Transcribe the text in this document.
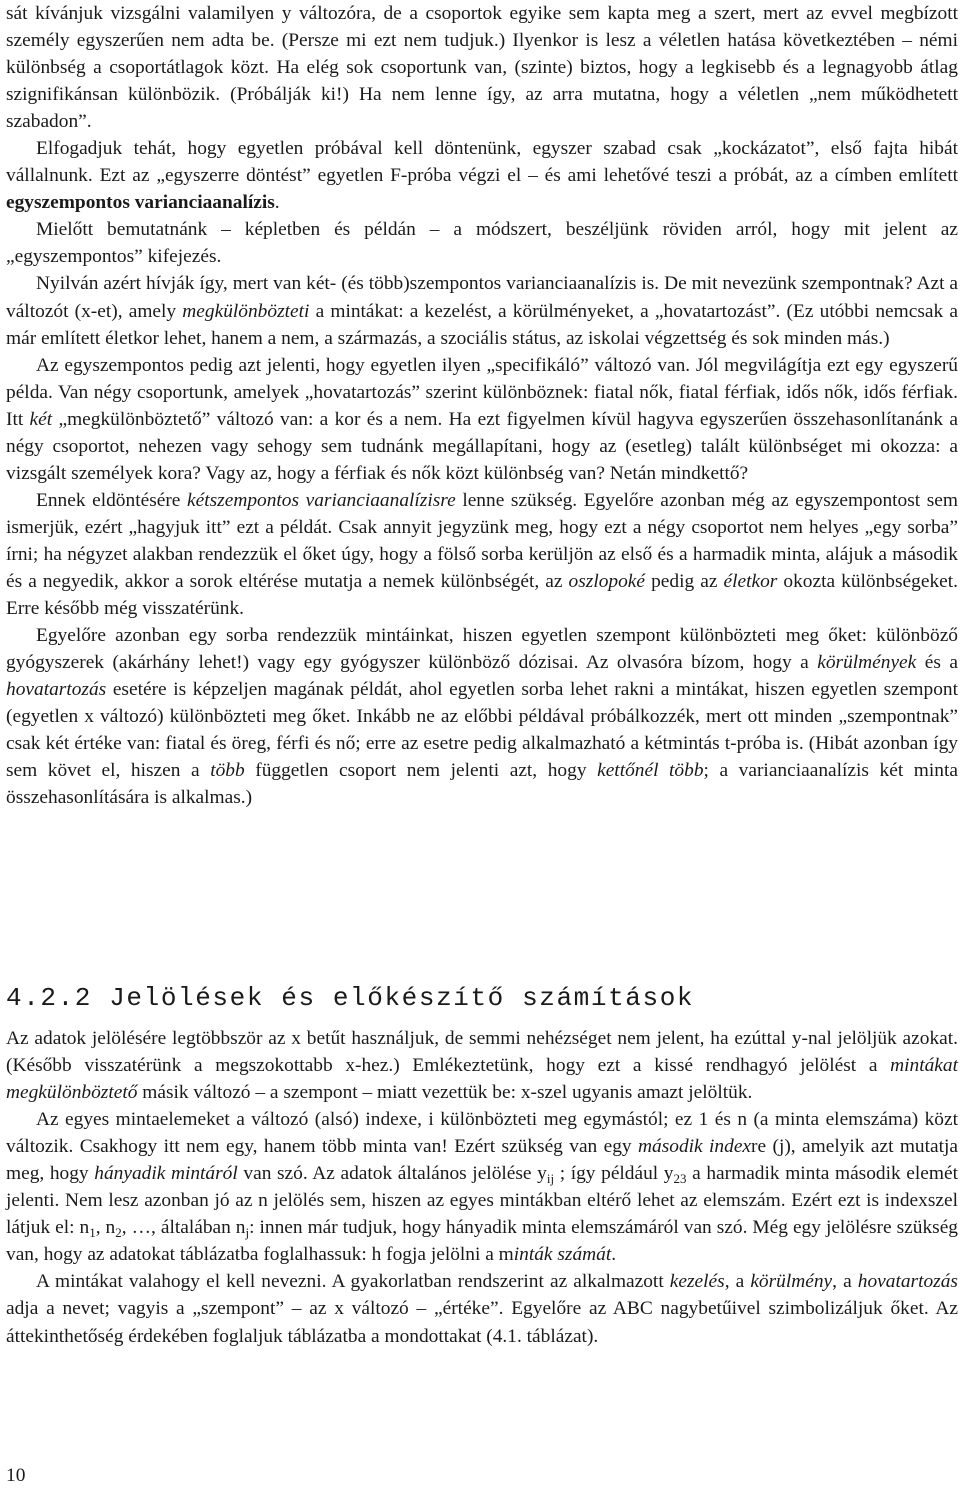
sát kívánjuk vizsgálni valamilyen y változóra, de a csoportok egyike sem kapta meg a szert, mert az evvel megbízott személy egyszerűen nem adta be. (Persze mi ezt nem tudjuk.) Ilyenkor is lesz a véletlen hatása következtében ‒ némi különbség a csoportátlagok közt. Ha elég sok csoportunk van, (szinte) biztos, hogy a legkisebb és a legnagyobb átlag szignifikánsan különbözik. (Próbálják ki!) Ha nem lenne így, az arra mutatna, hogy a véletlen „nem működhetett szabadon”.

Elfogadjuk tehát, hogy egyetlen próbával kell döntenünk, egyszer szabad csak „kockázatot”, első fajta hibát vállalnunk. Ezt az „egyszerre döntést” egyetlen F-próba végzi el ‒ és ami lehetővé teszi a próbát, az a címben említett egyszempontos varianciaanalízis.

Mielőtt bemutatnánk ‒ képletben és példán ‒ a módszert, beszéljünk röviden arról, hogy mit jelent az „egyszempontos” kifejezés.

Nyilván azért hívják így, mert van két- (és több)szempontos varianciaanalízis is. De mit nevezünk szempontnak? Azt a változót (x-et), amely megkülönbözteti a mintákat: a kezelést, a körülményeket, a „hovatartozást”. (Ez utóbbi nemcsak a már említett életkor lehet, hanem a nem, a származás, a szociális státus, az iskolai végzettség és sok minden más.)

Az egyszempontos pedig azt jelenti, hogy egyetlen ilyen „specifikáló” változó van. Jól megvilágítja ezt egy egyszerű példa. Van négy csoportunk, amelyek „hovatartozás” szerint különböznek: fiatal nők, fiatal férfiak, idős nők, idős férfiak. Itt két „megkülönböztető” változó van: a kor és a nem. Ha ezt figyelmen kívül hagyva egyszerűen összehasonlítanánk a négy csoportot, nehezen vagy sehogy sem tudnánk megállapítani, hogy az (esetleg) talált különbséget mi okozza: a vizsgált személyek kora? Vagy az, hogy a férfiak és nők közt különbség van? Netán mindkettő?

Ennek eldöntésére kétszempontos varianciaanalízisre lenne szükség. Egyelőre azonban még az egyszempontost sem ismerjük, ezért „hagyjuk itt” ezt a példát. Csak annyit jegyzünk meg, hogy ezt a négy csoportot nem helyes „egy sorba” írni; ha négyzet alakban rendezzük el őket úgy, hogy a fölső sorba kerüljön az első és a harmadik minta, alájuk a második és a negyedik, akkor a sorok eltérése mutatja a nemek különbségét, az oszlopoké pedig az életkor okozta különbségeket. Erre később még visszatérünk.

Egyelőre azonban egy sorba rendezzük mintáinkat, hiszen egyetlen szempont különbözteti meg őket: különböző gyógyszerek (akárhány lehet!) vagy egy gyógyszer különböző dózisai. Az olvasóra bízom, hogy a körülmények és a hovatartozás esetére is képzeljen magának példát, ahol egyetlen sorba lehet rakni a mintákat, hiszen egyetlen szempont (egyetlen x változó) különbözteti meg őket. Inkább ne az előbbi példával próbálkozzék, mert ott minden „szempontnak” csak két értéke van: fiatal és öreg, férfi és nő; erre az esetre pedig alkalmazható a kétmintás t-próba is. (Hibát azonban így sem követ el, hiszen a több független csoport nem jelenti azt, hogy kettőnél több; a varianciaanalízis két minta összehasonlítására is alkalmas.)

4.2.2 Jelölések és előkészítő számítások

Az adatok jelölésére legtöbbször az x betűt használjuk, de semmi nehézséget nem jelent, ha ezúttal y-nal jelöljük azokat. (Később visszatérünk a megszokottabb x-hez.) Emlékeztetünk, hogy ezt a kissé rendhagyó jelölést a mintákat megkülönböztető másik változó ‒ a szempont ‒ miatt vezettük be: x-szel ugyanis amazt jelöltük.

Az egyes mintaelemeket a változó (alsó) indexe, i különbözteti meg egymástól; ez 1 és n (a minta elemszáma) közt változik. Csakhogy itt nem egy, hanem több minta van! Ezért szükség van egy második indexre (j), amelyik azt mutatja meg, hogy hányadik mintáról van szó. Az adatok általános jelölése $y_{ij}$ ; így például $y_{23}$ a harmadik minta második elemét jelenti. Nem lesz azonban jó az n jelölés sem, hiszen az egyes mintákban eltérő lehet az elemszám. Ezért ezt is indexszel látjuk el: $n_1$, $n_2$, …, általában $n_j$: innen már tudjuk, hogy hányadik minta elemszámáról van szó. Még egy jelölésre szükség van, hogy az adatokat táblázatba foglalhassuk: h fogja jelölni a minták számát.

A mintákat valahogy el kell nevezni. A gyakorlatban rendszerint az alkalmazott kezelés, a körülmény, a hovatartozás adja a nevet; vagyis a „szempont” ‒ az x változó ‒ „értéke”. Egyelőre az ABC nagybetűivel szimbolizáljuk őket. Az áttekinthetőség érdekében foglaljuk táblázatba a mondottakat (4.1. táblázat).

10
